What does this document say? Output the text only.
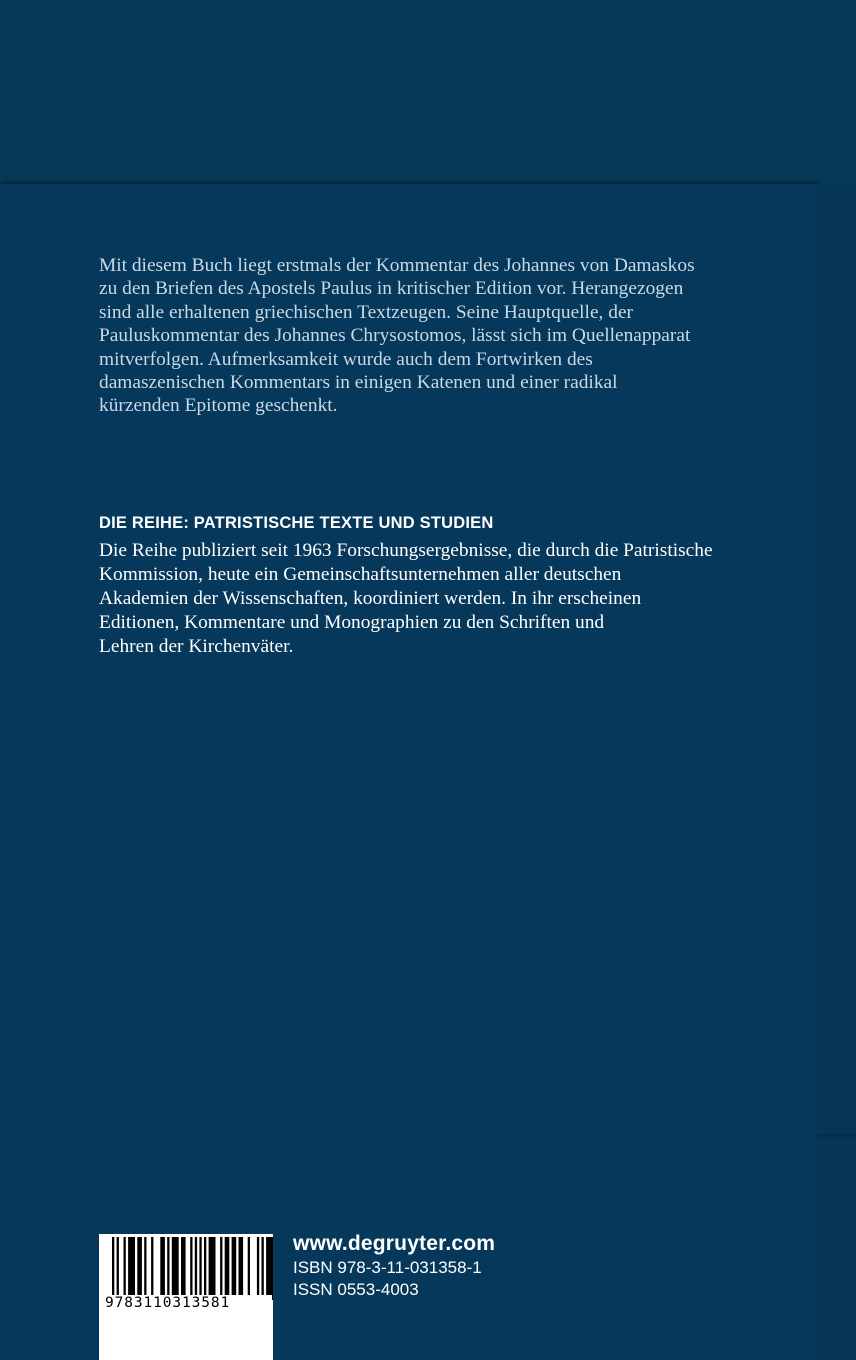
Mit diesem Buch liegt erstmals der Kommentar des Johannes von Damaskos
zu den Briefen des Apostels Paulus in kritischer Edition vor. Herangezogen
sind alle erhaltenen griechischen Textzeugen. Seine Hauptquelle, der
Pauluskommentar des Johannes Chrysostomos, lässt sich im Quellenapparat
mitverfolgen. Aufmerksamkeit wurde auch dem Fortwirken des
damaszenischen Kommentars in einigen Katenen und einer radikal
kürzenden Epitome geschenkt.
DIE REIHE: PATRISTISCHE TEXTE UND STUDIEN
Die Reihe publiziert seit 1963 Forschungsergebnisse, die durch die Patristische
Kommission, heute ein Gemeinschaftsunternehmen aller deutschen
Akademien der Wissenschaften, koordiniert werden. In ihr erscheinen
Editionen, Kommentare und Monographien zu den Schriften und
Lehren der Kirchenväter.
9783110313581
www.degruyter.com
ISBN 978-3-11-031358-1
ISSN 0553-4003
